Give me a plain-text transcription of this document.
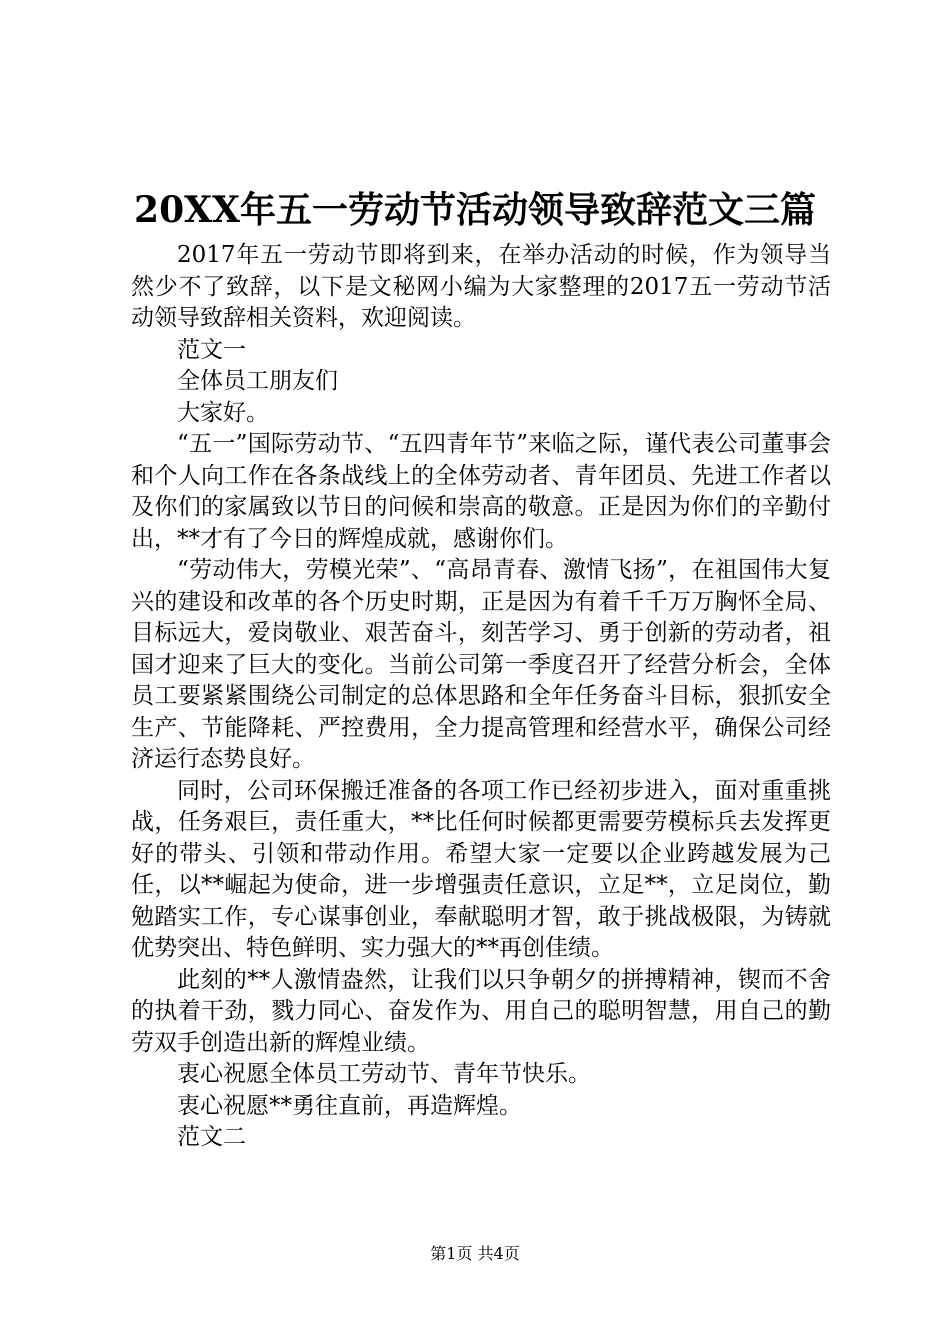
20XX年五一劳动节活动领导致辞范文三篇

2017年五一劳动节即将到来，在举办活动的时候，作为领导当然少不了致辞，以下是文秘网小编为大家整理的2017五一劳动节活动领导致辞相关资料，欢迎阅读。

范文一

全体员工朋友们

大家好。

“五一”国际劳动节、“五四青年节”来临之际，谨代表公司董事会和个人向工作在各条战线上的全体劳动者、青年团员、先进工作者以及你们的家属致以节日的问候和崇高的敬意。正是因为你们的辛勤付出，**才有了今日的辉煌成就，感谢你们。

“劳动伟大，劳模光荣”、“高昂青春、激情飞扬”，在祖国伟大复兴的建设和改革的各个历史时期，正是因为有着千千万万胸怀全局、目标远大，爱岗敬业、艰苦奋斗，刻苦学习、勇于创新的劳动者，祖国才迎来了巨大的变化。当前公司第一季度召开了经营分析会，全体员工要紧紧围绕公司制定的总体思路和全年任务奋斗目标，狠抓安全生产、节能降耗、严控费用，全力提高管理和经营水平，确保公司经济运行态势良好。

同时，公司环保搬迁准备的各项工作已经初步进入，面对重重挑战，任务艰巨，责任重大，**比任何时候都更需要劳模标兵去发挥更好的带头、引领和带动作用。希望大家一定要以企业跨越发展为己任，以**崛起为使命，进一步增强责任意识，立足**，立足岗位，勤勉踏实工作，专心谋事创业，奉献聪明才智，敢于挑战极限，为铸就优势突出、特色鲜明、实力强大的**再创佳绩。

此刻的**人激情盎然，让我们以只争朝夕的拼搏精神，锲而不舍的执着干劲，戮力同心、奋发作为、用自己的聪明智慧，用自己的勤劳双手创造出新的辉煌业绩。

衷心祝愿全体员工劳动节、青年节快乐。

衷心祝愿**勇往直前，再造辉煌。

范文二

第1页 共4页
